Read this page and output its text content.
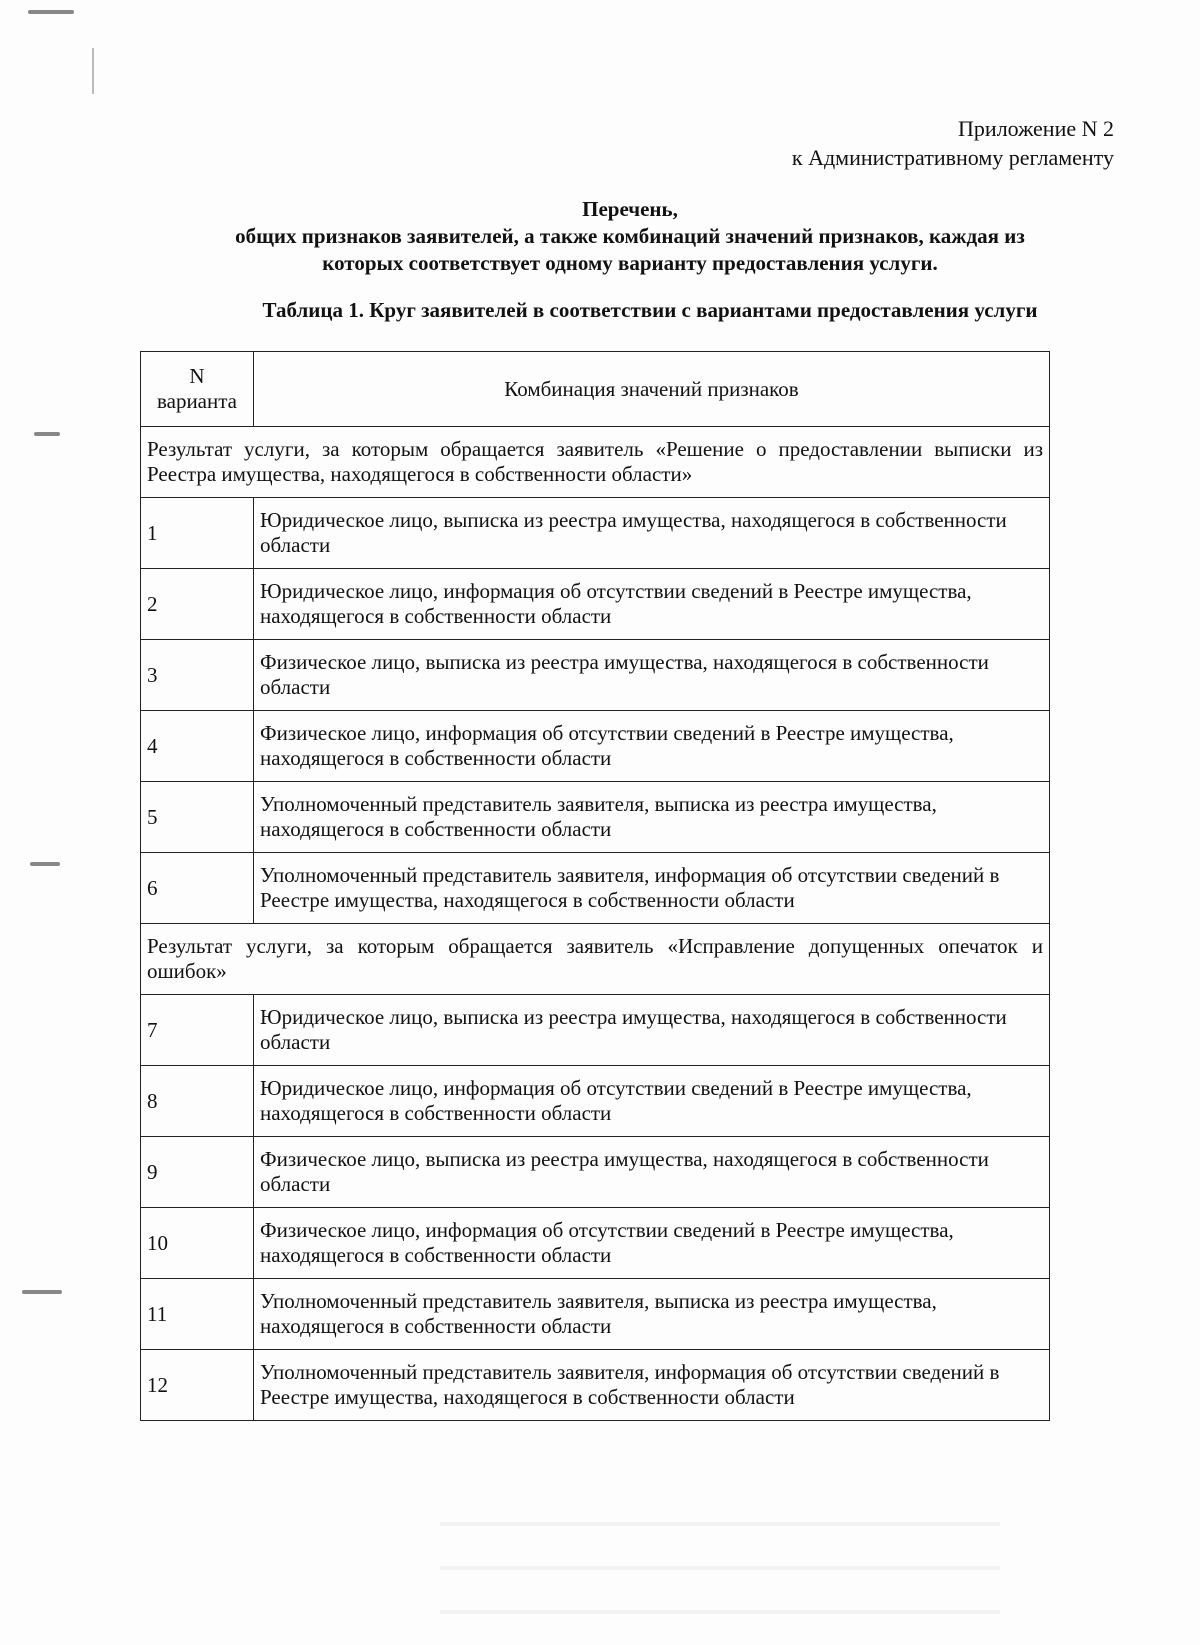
Приложение N 2
к Административному регламенту
Перечень,
общих признаков заявителей, а также комбинаций значений признаков, каждая из
которых соответствует одному варианту предоставления услуги.
Таблица 1. Круг заявителей в соответствии с вариантами предоставления услуги
N
варианта	Комбинация значений признаков
Результат услуги, за которым обращается заявитель «Решение о предоставлении выписки из Реестра имущества, находящегося в собственности области»	
1	Юридическое лицо, выписка из реестра имущества, находящегося в собственности области
2	Юридическое лицо, информация об отсутствии сведений в Реестре имущества, находящегося в собственности области
3	Физическое лицо, выписка из реестра имущества, находящегося в собственности области
4	Физическое лицо, информация об отсутствии сведений в Реестре имущества, находящегося в собственности области
5	Уполномоченный представитель заявителя, выписка из реестра имущества, находящегося в собственности области
6	Уполномоченный представитель заявителя, информация об отсутствии сведений в Реестре имущества, находящегося в собственности области
Результат услуги, за которым обращается заявитель «Исправление допущенных опечаток и ошибок»	
7	Юридическое лицо, выписка из реестра имущества, находящегося в собственности области
8	Юридическое лицо, информация об отсутствии сведений в Реестре имущества, находящегося в собственности области
9	Физическое лицо, выписка из реестра имущества, находящегося в собственности области
10	Физическое лицо, информация об отсутствии сведений в Реестре имущества, находящегося в собственности области
11	Уполномоченный представитель заявителя, выписка из реестра имущества, находящегося в собственности области
12	Уполномоченный представитель заявителя, информация об отсутствии сведений в Реестре имущества, находящегося в собственности области
